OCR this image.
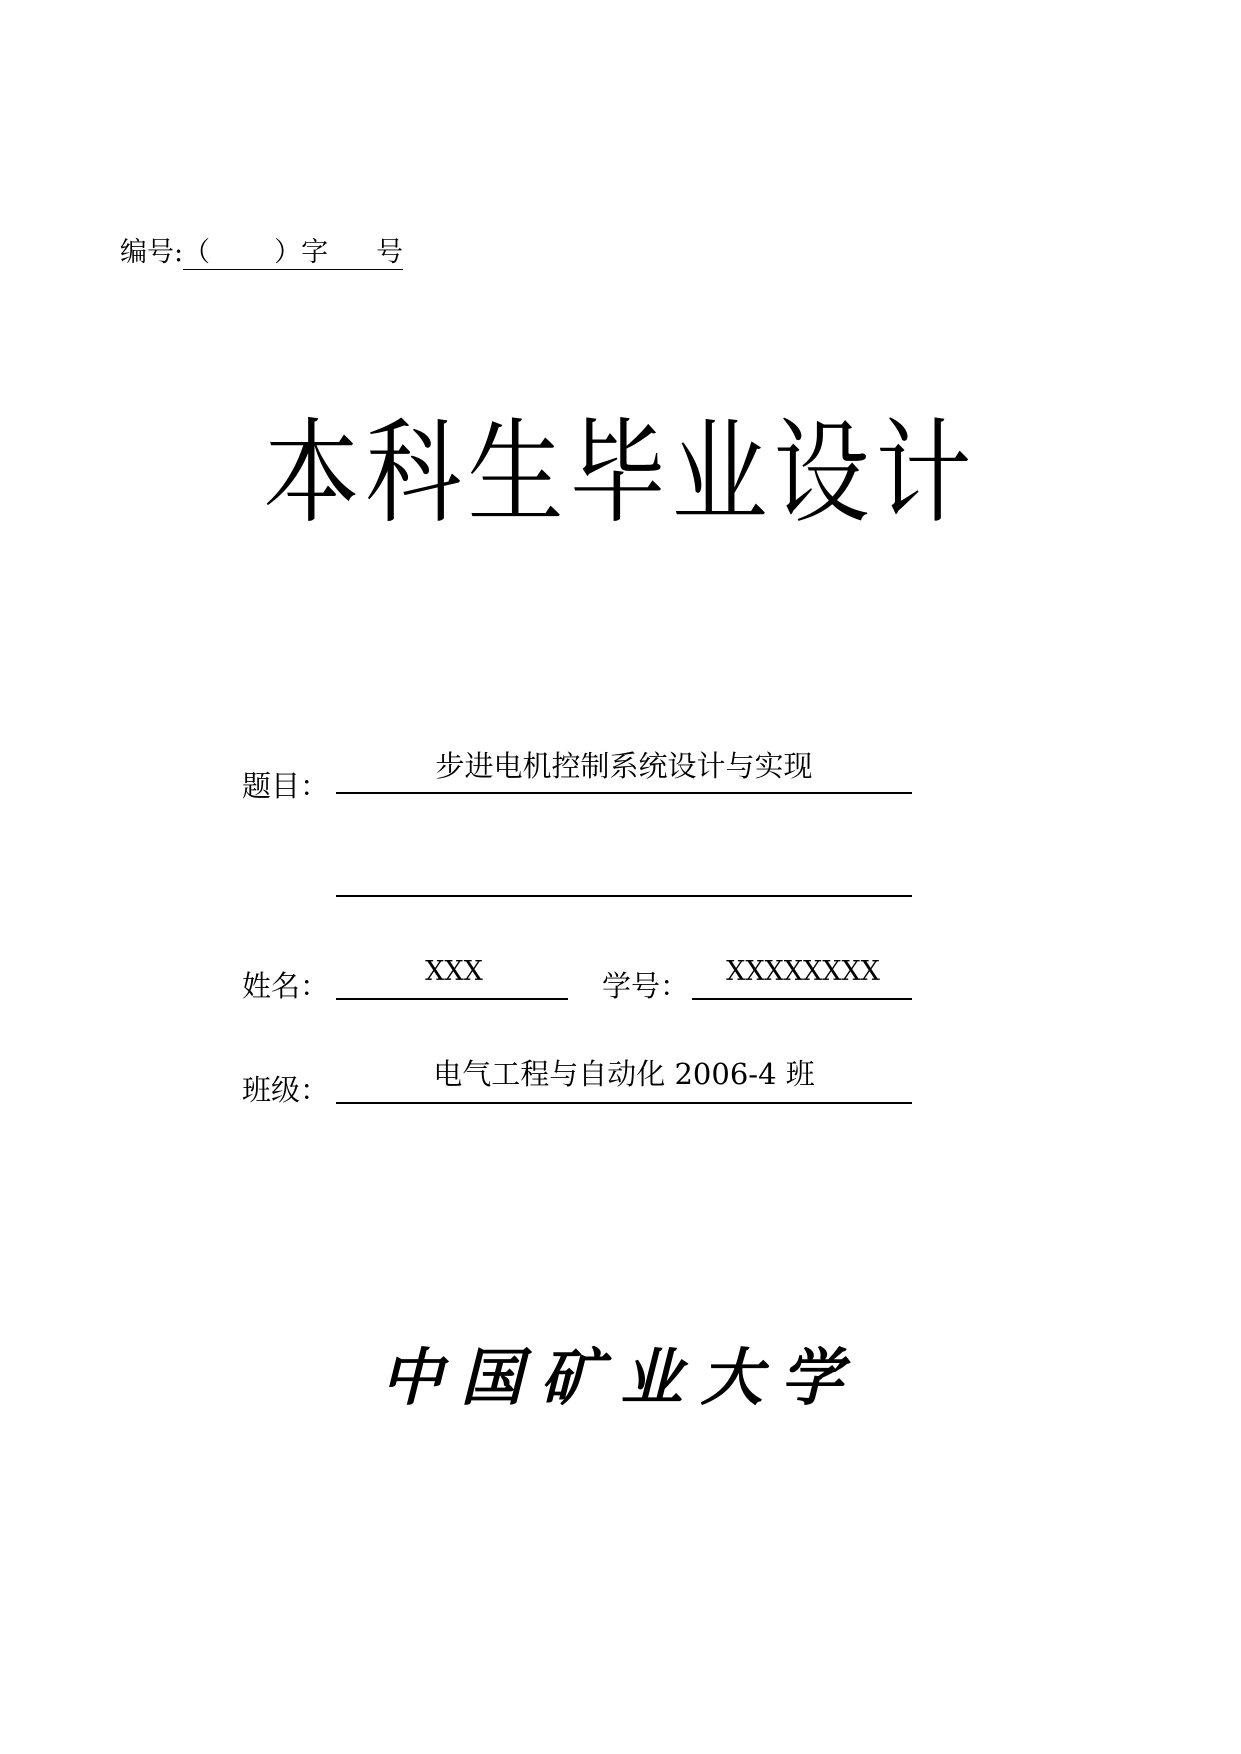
编号:（ ）字 号
本科生毕业设计
题目：
步进电机控制系统设计与实现
姓名：	XXX	学号：	XXXXXXXX
班级：	电气工程与自动化 2006-4 班
中国矿业大学
